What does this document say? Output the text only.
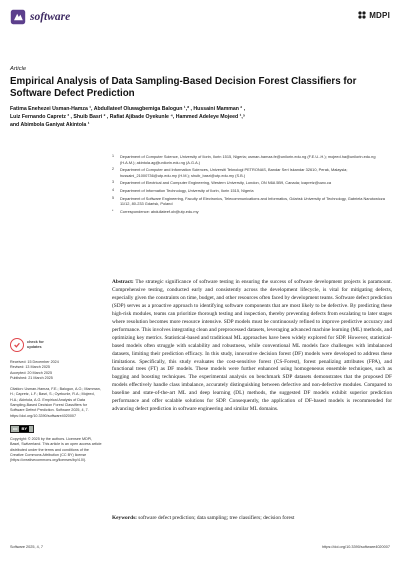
software	MDPI
Article
Empirical Analysis of Data Sampling-Based Decision Forest Classifiers for Software Defect Prediction
Fatima Enehezei Usman-Hamza ¹, Abdullateef Oluwagbemiga Balogun ¹,* , Hussaini Mamman ² ,
Luiz Fernando Capretz ³ , Shuib Basri ² , Rafiat Ajibade Oyekunle ⁴, Hammed Adeleye Mojeed ¹,⁵
and Abimbola Ganiyat Akintola ¹
1	Department of Computer Science, University of Ilorin, Ilorin 1515, Nigeria; usman-hamza.fe@unilorin.edu.ng (F.E.U.-H.); mojeed.ha@unilorin.edu.ng (H.A.M.); akintola.ag@unilorin.edu.ng (A.G.A.)
2	Department of Computer and Information Sciences, Universiti Teknologi PETRONAS, Bandar Seri Iskandar 32610, Perak, Malaysia; hussaini_21000736@utp.edu.my (H.M.); shuib_basri@utp.edu.my (S.B.)
3	Department of Electrical and Computer Engineering, Western University, London, ON N6A 5B9, Canada; lcapretz@uwo.ca
4	Department of Information Technology, University of Ilorin, Ilorin 1515, Nigeria
5	Department of Software Engineering, Faculty of Electronics, Telecommunications and Informatics, Gdańsk University of Technology, Gabriela Narutowicza 11/12, 80-233 Gdańsk, Poland
*	Correspondence: abdullateef.ob@utp.edu.my
check for
updates
Received: 15 December 2024
Revised: 13 March 2025
Accepted: 20 March 2025
Published: 21 March 2025
Citation: Usman-Hamza, F.E.; Balogun, A.O.; Mamman, H.; Capretz, L.F.; Basri, S.; Oyekunle, R.A.; Mojeed, H.A.; Akintola, A.G. Empirical Analysis of Data Sampling-Based Decision Forest Classifiers for Software Defect Prediction. Software 2025, 4, 7. https://doi.org/10.3390/software4020007
cc	BY
Copyright: © 2025 by the authors. Licensee MDPI, Basel, Switzerland. This article is an open access article distributed under the terms and conditions of the Creative Commons Attribution (CC BY) license (https://creativecommons.org/licenses/by/4.0/).
Abstract: The strategic significance of software testing in ensuring the success of software development projects is paramount. Comprehensive testing, conducted early and consistently across the development lifecycle, is vital for mitigating defects, especially given the constraints on time, budget, and other resources often faced by development teams. Software defect prediction (SDP) serves as a proactive approach to identifying software components that are most likely to be defective. By predicting these high-risk modules, teams can prioritize thorough testing and inspection, thereby preventing defects from escalating to later stages where resolution becomes more resource intensive. SDP models must be continuously refined to improve predictive accuracy and performance. This involves integrating clean and preprocessed datasets, leveraging advanced machine learning (ML) methods, and optimizing key metrics. Statistical-based and traditional ML approaches have been widely explored for SDP. However, statistical-based models often struggle with scalability and robustness, while conventional ML models face challenges with imbalanced datasets, limiting their prediction efficacy. In this study, innovative decision forest (DF) models were developed to address these limitations. Specifically, this study evaluates the cost-sensitive forest (CS-Forest), forest penalizing attributes (FPA), and functional trees (FT) as DF models. These models were further enhanced using homogeneous ensemble techniques, such as bagging and boosting techniques. The experimental analysis on benchmark SDP datasets demonstrates that the proposed DF models effectively handle class imbalance, accurately distinguishing between defective and non-defective modules. Compared to baseline and state-of-the-art ML and deep learning (DL) methods, the suggested DF models exhibit superior prediction performance and offer scalable solutions for SDP. Consequently, the application of DF-based models is recommended for advancing defect prediction in software engineering and similar ML domains.
Keywords: software defect prediction; data sampling; tree classifiers; decision forest
Software 2025, 4, 7	https://doi.org/10.3390/software4020007
